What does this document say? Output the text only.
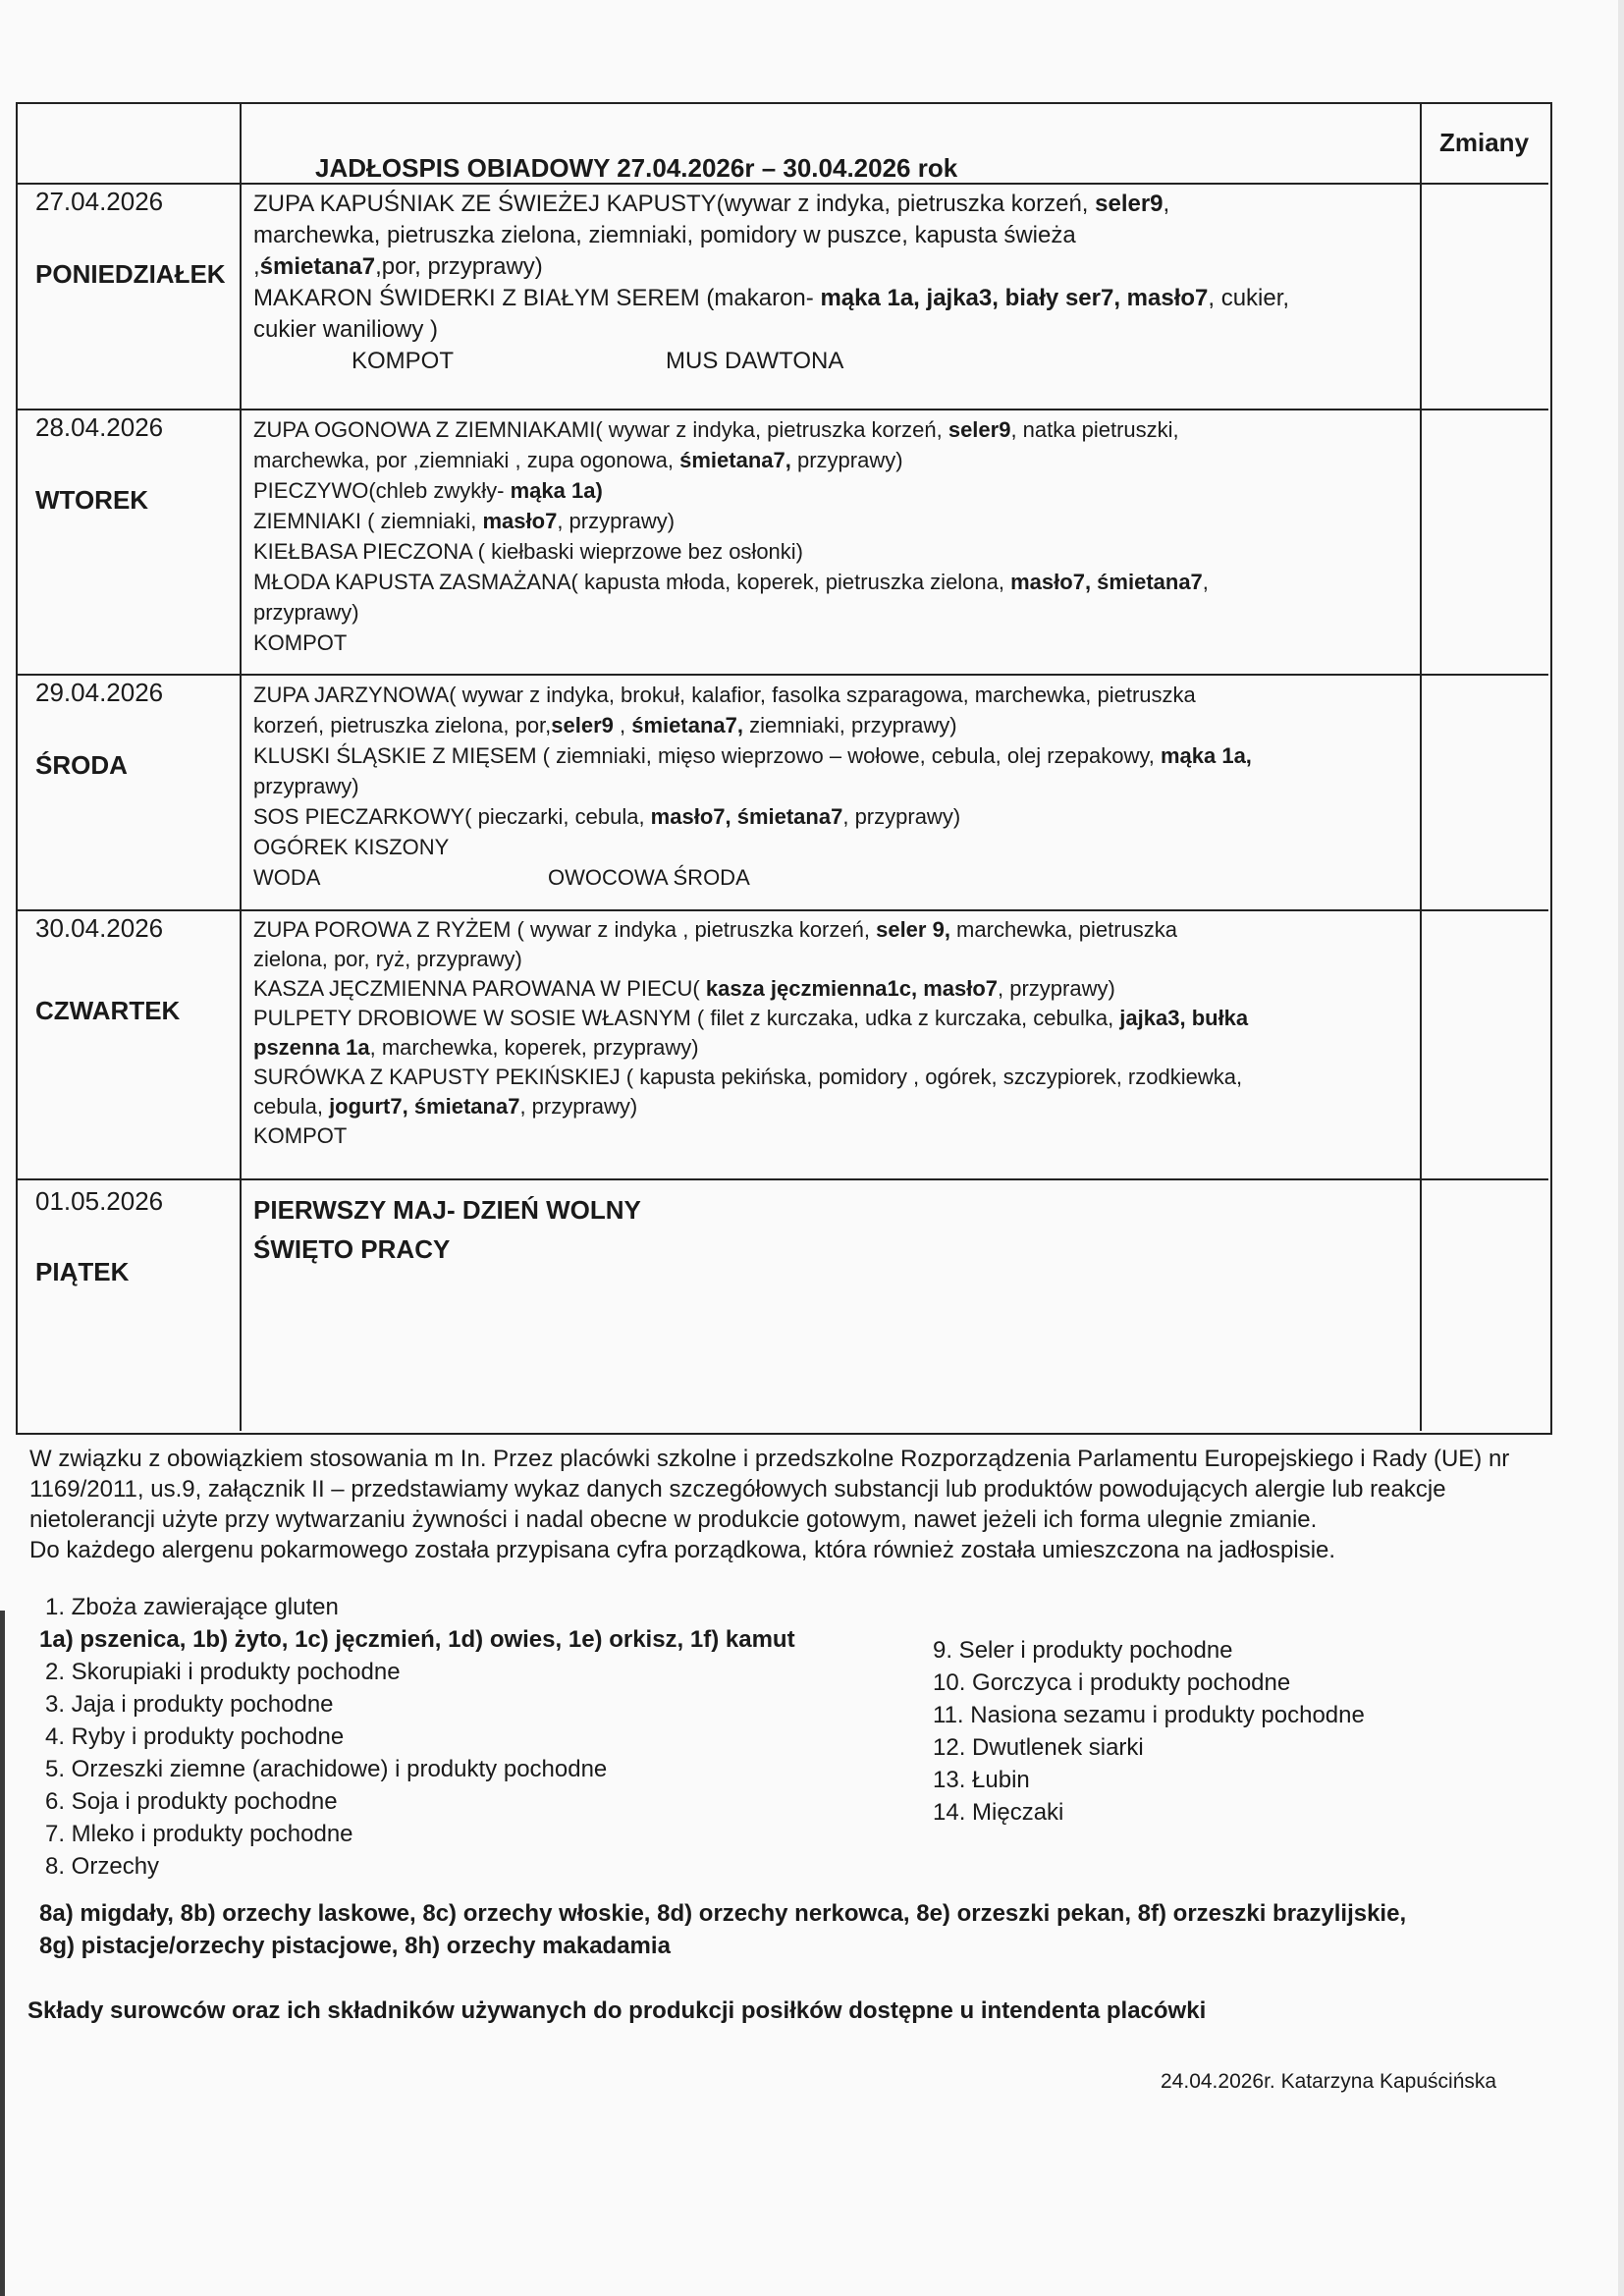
JADŁOSPIS OBIADOWY 27.04.2026r – 30.04.2026 rok
Zmiany
27.04.2026
PONIEDZIAŁEK
ZUPA KAPUŚNIAK ZE ŚWIEŻEJ KAPUSTY(wywar z indyka, pietruszka korzeń, seler9,
marchewka, pietruszka zielona, ziemniaki, pomidory w puszce, kapusta świeża
,śmietana7,por, przyprawy)
MAKARON ŚWIDERKI Z BIAŁYM SEREM (makaron- mąka 1a, jajka3, biały ser7, masło7, cukier,
cukier waniliowy )
KOMPOT	MUS DAWTONA
28.04.2026
WTOREK
ZUPA OGONOWA Z ZIEMNIAKAMI( wywar z indyka, pietruszka korzeń, seler9, natka pietruszki,
marchewka, por ,ziemniaki , zupa ogonowa, śmietana7, przyprawy)
PIECZYWO(chleb zwykły- mąka 1a)
ZIEMNIAKI ( ziemniaki, masło7, przyprawy)
KIEŁBASA PIECZONA ( kiełbaski wieprzowe bez osłonki)
MŁODA KAPUSTA ZASMAŻANA( kapusta młoda, koperek, pietruszka zielona, masło7, śmietana7,
przyprawy)
KOMPOT
29.04.2026
ŚRODA
ZUPA JARZYNOWA( wywar z indyka, brokuł, kalafior, fasolka szparagowa, marchewka, pietruszka
korzeń, pietruszka zielona, por,seler9 , śmietana7, ziemniaki, przyprawy)
KLUSKI ŚLĄSKIE Z MIĘSEM ( ziemniaki, mięso wieprzowo – wołowe, cebula, olej rzepakowy, mąka 1a,
przyprawy)
SOS PIECZARKOWY( pieczarki, cebula, masło7, śmietana7, przyprawy)
OGÓREK KISZONY
WODA	OWOCOWA ŚRODA
30.04.2026
CZWARTEK
ZUPA POROWA Z RYŻEM ( wywar z indyka , pietruszka korzeń, seler 9, marchewka, pietruszka
zielona, por, ryż, przyprawy)
KASZA JĘCZMIENNA PAROWANA W PIECU( kasza jęczmienna1c, masło7, przyprawy)
PULPETY DROBIOWE W SOSIE WŁASNYM ( filet z kurczaka, udka z kurczaka, cebulka, jajka3, bułka
pszenna 1a, marchewka, koperek, przyprawy)
SURÓWKA Z KAPUSTY PEKIŃSKIEJ ( kapusta pekińska, pomidory , ogórek, szczypiorek, rzodkiewka,
cebula, jogurt7, śmietana7, przyprawy)
KOMPOT
01.05.2026
PIĄTEK
PIERWSZY MAJ- DZIEŃ WOLNY
ŚWIĘTO PRACY

W związku z obowiązkiem stosowania m In. Przez placówki szkolne i przedszkolne Rozporządzenia Parlamentu Europejskiego i Rady (UE) nr 1169/2011, us.9, załącznik II – przedstawiamy wykaz danych szczegółowych substancji lub produktów powodujących alergie lub reakcje nietolerancji użyte przy wytwarzaniu żywności i nadal obecne w produkcie gotowym, nawet jeżeli ich forma ulegnie zmianie.

Do każdego alergenu pokarmowego została przypisana cyfra porządkowa, która również została umieszczona na jadłospisie.

1. Zboża zawierające gluten
1a) pszenica, 1b) żyto, 1c) jęczmień, 1d) owies, 1e) orkisz, 1f) kamut
2. Skorupiaki i produkty pochodne
3. Jaja i produkty pochodne
4. Ryby i produkty pochodne
5. Orzeszki ziemne (arachidowe) i produkty pochodne
6. Soja i produkty pochodne
7. Mleko i produkty pochodne
8. Orzechy
9. Seler i produkty pochodne
10. Gorczyca i produkty pochodne
11. Nasiona sezamu i produkty pochodne
12. Dwutlenek siarki
13. Łubin
14. Mięczaki

8a) migdały, 8b) orzechy laskowe, 8c) orzechy włoskie, 8d) orzechy nerkowca, 8e) orzeszki pekan, 8f) orzeszki brazylijskie,

8g) pistacje/orzechy pistacjowe, 8h) orzechy makadamia

Składy surowców oraz ich składników używanych do produkcji posiłków dostępne u intendenta placówki
24.04.2026r. Katarzyna Kapuścińska
